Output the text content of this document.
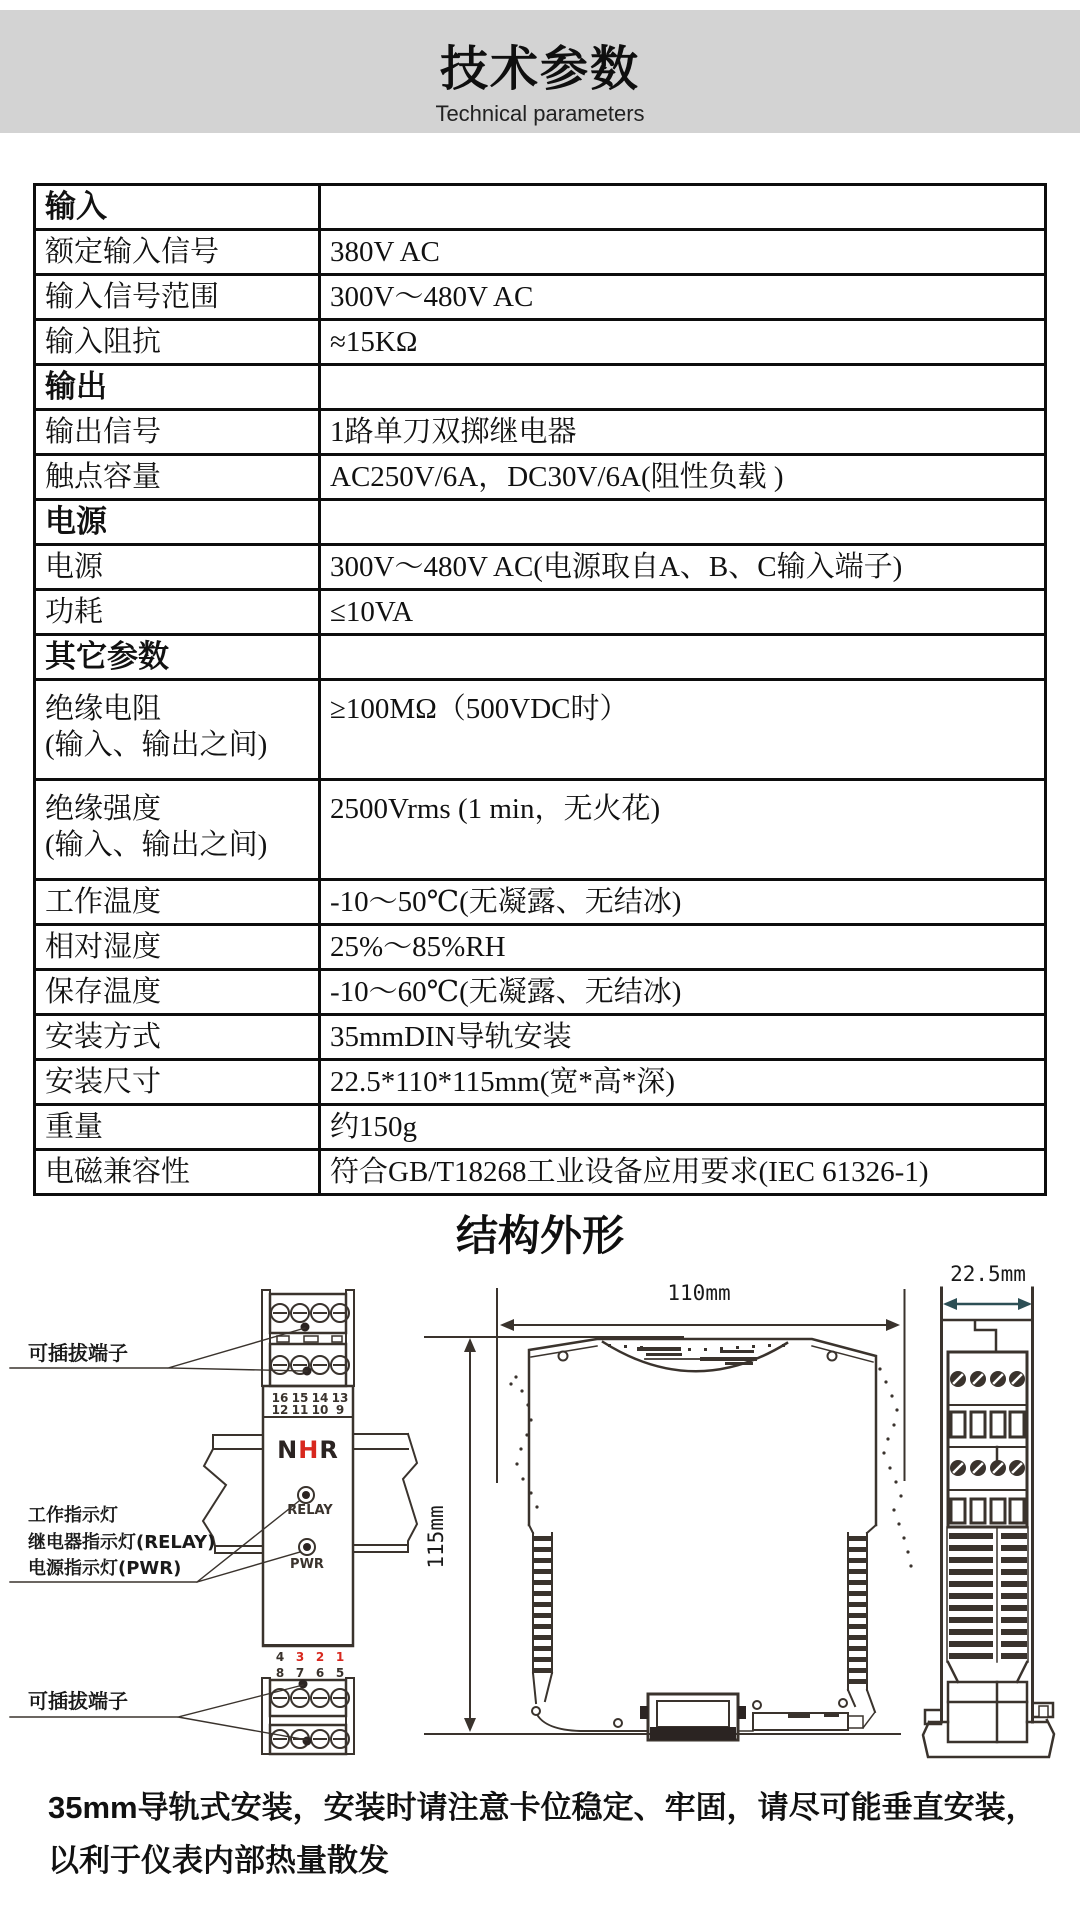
技术参数
Technical parameters
输入	
额定输入信号	380V AC
输入信号范围	300V～480V AC
输入阻抗	≈15KΩ
输出	
输出信号	1路单刀双掷继电器
触点容量	AC250V/6A，DC30V/6A(阻性负载 )
电源	
电源	300V～480V AC(电源取自A、B、C输入端子)
功耗	≤10VA
其它参数	

绝缘电阻
(输入、输出之间)	≥100MΩ（500VDC时）

绝缘强度
(输入、输出之间)	2500Vrms (1 min，无火花)
工作温度	-10～50℃(无凝露、无结冰)
相对湿度	25%～85%RH
保存温度	-10～60℃(无凝露、无结冰)
安装方式	35mmDIN导轨安装
安装尺寸	22.5*110*115mm(宽*高*深)
重量	约150g
电磁兼容性	符合GB/T18268工业设备应用要求(IEC 61326-1)
结构外形
16 15 14 13
12 11 10 9
NHR
RELAY
PWR
4 3 2 1
8 7 6 5
可插拔端子
工作指示灯
继电器指示灯(RELAY)
电源指示灯(PWR)
可插拔端子
110mm
115mm
22.5mm
35mm导轨式安装，安装时请注意卡位稳定、牢固，请尽可能垂直安装，
以利于仪表内部热量散发
